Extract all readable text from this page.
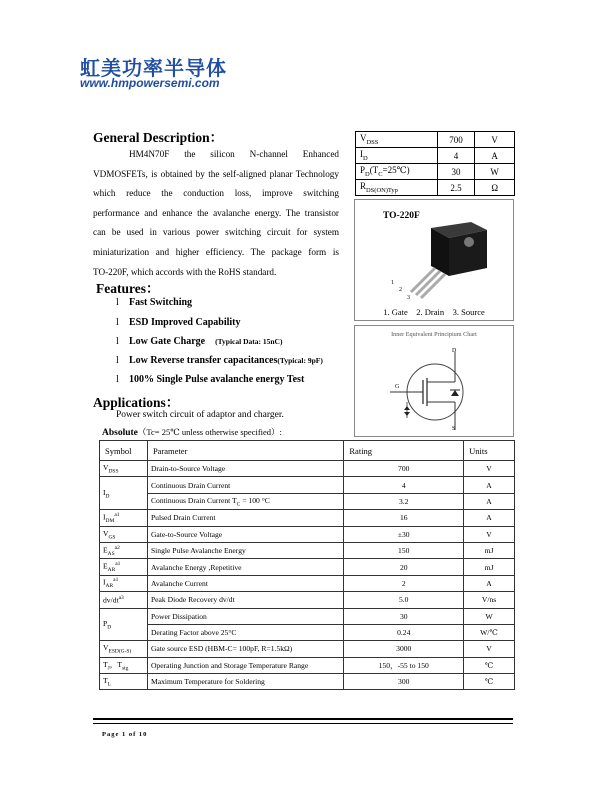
虹美功率半导体
www.hmpowersemi.com
General Description：
HM4N70F the silicon N-channel Enhanced
VDMOSFETs, is obtained by the self-aligned planar Technology
which reduce the conduction loss, improve switching
performance and enhance the avalanche energy. The transistor
can be used in various power switching circuit for system
miniaturization and higher efficiency. The package form is
TO-220F, which accords with the RoHS standard.
$V_{DSS}$	700	V
$I_D$	4	A
$P_D(T_C=25℃)$	30	W
$R_{DS(ON)Typ}$	2.5	Ω
TO-220F
1
2
3
1. Gate    2. Drain    3. Source
Inner Equivalent Principium Chart
D
G
S
Features：
l Fast Switching
l ESD Improved Capability
l Low Gate Charge (Typical Data: 15nC)
l Low Reverse transfer capacitances(Typical: 9pF)
l 100% Single Pulse avalanche energy Test
Applications：
Power switch circuit of adaptor and charger.
Absolute（Tc= 25℃ unless otherwise specified）:
Symbol	Parameter	Rating	Units
$V_{DSS}$	Drain-to-Source Voltage	700	V
$I_D$	Continuous Drain Current	4	A
	Continuous Drain Current $T_C = 100$ °C	3.2	A
$I_{DM}^{a1}$	Pulsed Drain Current	16	A
$V_{GS}$	Gate-to-Source Voltage	±30	V
$E_{AS}^{a2}$	Single Pulse Avalanche Energy	150	mJ
$E_{AR}^{a1}$	Avalanche Energy ,Repetitive	20	mJ
$I_{AR}^{a1}$	Avalanche Current	2	A
$dv/dt^{a3}$	Peak Diode Recovery dv/dt	5.0	V/ns
$P_D$	Power Dissipation	30	W
	Derating Factor above 25°C	0.24	W/℃
$V_{ESD(G-S)}$	Gate source ESD (HBM-C= 100pF, R=1.5kΩ)	3000	V
$T_J$，$T_{stg}$	Operating Junction and Storage Temperature Range	150，-55 to 150	℃
$T_L$	Maximum Temperature for Soldering	300	℃
Page 1 of 10
